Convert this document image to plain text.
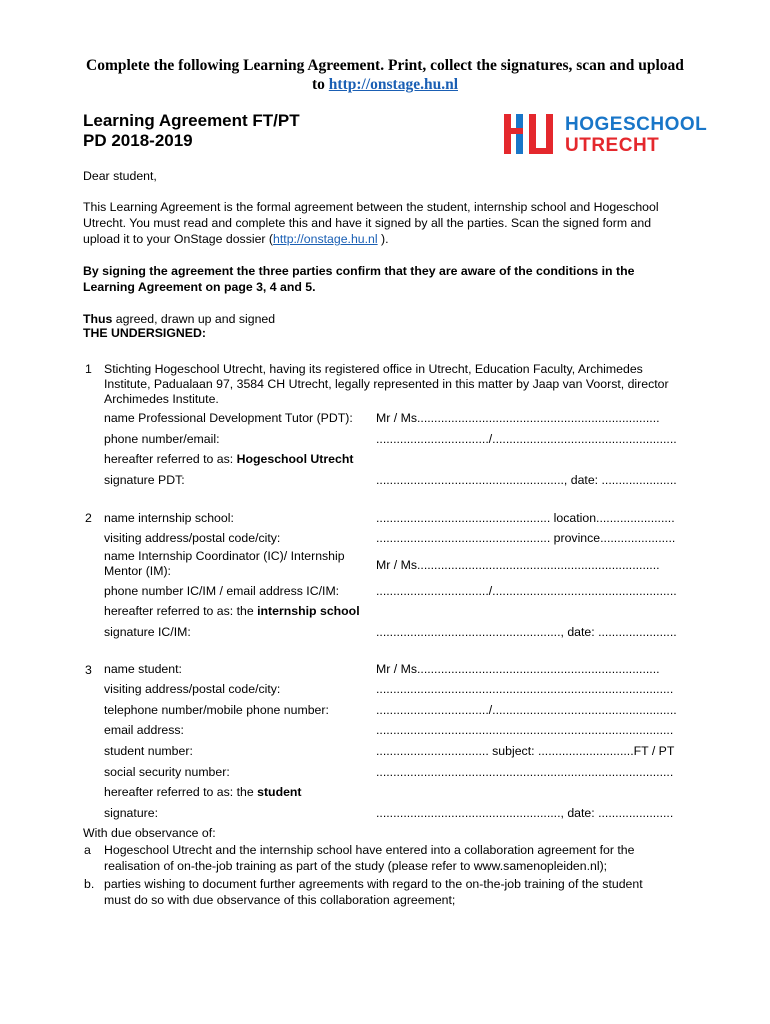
Complete the following Learning Agreement. Print, collect the signatures, scan and upload
to http://onstage.hu.nl
Learning Agreement FT/PT
PD 2018-2019
HOGESCHOOL
UTRECHT
Dear student,
This Learning Agreement is the formal agreement between the student, internship school and Hogeschool
Utrecht. You must read and complete this and have it signed by all the parties. Scan the signed form and
upload it to your OnStage dossier (http://onstage.hu.nl ).
By signing the agreement the three parties confirm that they are aware of the conditions in the
Learning Agreement on page 3, 4 and 5.
Thus agreed, drawn up and signed
THE UNDERSIGNED:
1 Stichting Hogeschool Utrecht, having its registered office in Utrecht, Education Faculty, Archimedes
Institute, Padualaan 97, 3584 CH Utrecht, legally represented in this matter by Jaap van Voorst, director
Archimedes Institute.
name Professional Development Tutor (PDT): Mr / Ms.......................................................................
phone number/email:	................................./......................................................
hereafter referred to as: Hogeschool Utrecht
signature PDT:	......................................................., date: ......................
2 name internship school:	................................................... location.......................
visiting address/postal code/city:	................................................... province......................
name Internship Coordinator (IC)/ Internship
Mentor (IM):	Mr / Ms.......................................................................
phone number IC/IM / email address IC/IM:	................................./......................................................
hereafter referred to as: the internship school
signature IC/IM:	......................................................, date: .......................
3 name student:	Mr / Ms.......................................................................
visiting address/postal code/city:	.......................................................................................
telephone number/mobile phone number:	................................./......................................................
email address:	.......................................................................................
student number:	................................. subject: ............................FT / PT
social security number:	.......................................................................................
hereafter referred to as: the student
signature:	......................................................, date: ......................
With due observance of:
a Hogeschool Utrecht and the internship school have entered into a collaboration agreement for the
realisation of on-the-job training as part of the study (please refer to www.samenopleiden.nl);
b. parties wishing to document further agreements with regard to the on-the-job training of the student
must do so with due observance of this collaboration agreement;
